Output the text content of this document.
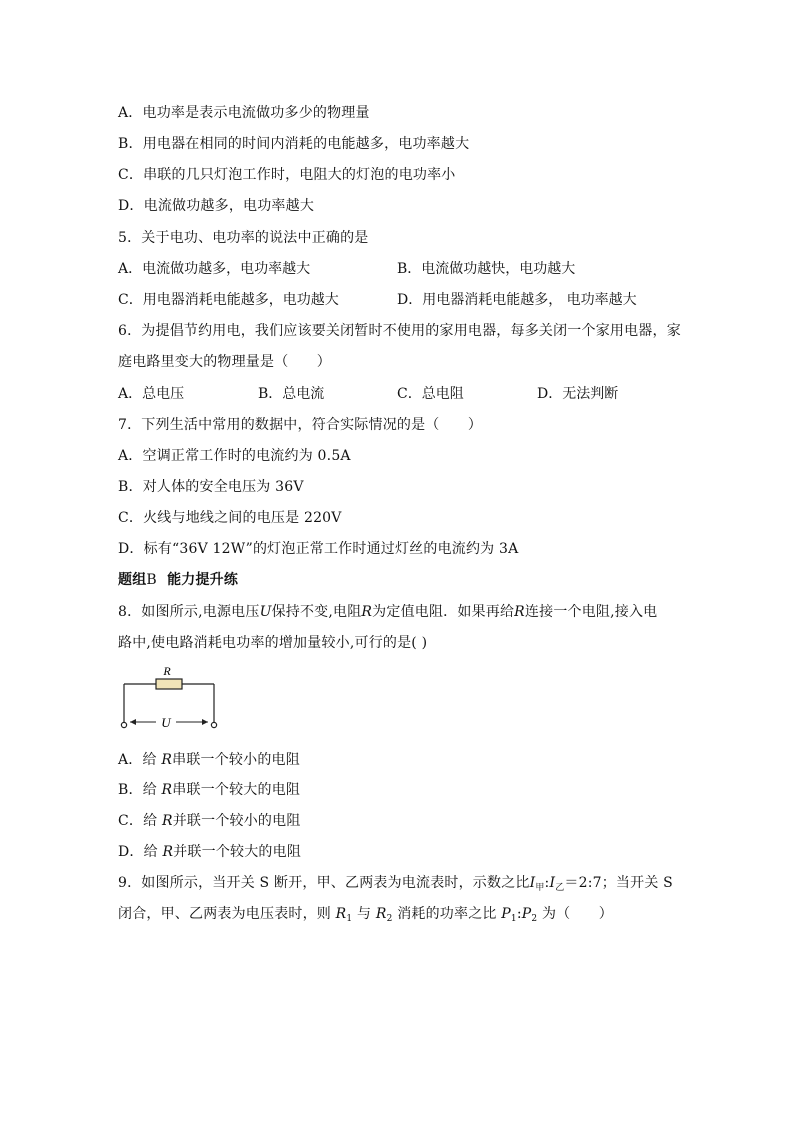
A．电功率是表示电流做功多少的物理量
B．用电器在相同的时间内消耗的电能越多，电功率越大
C．串联的几只灯泡工作时，电阻大的灯泡的电功率小
D．电流做功越多，电功率越大
5．关于电功、电功率的说法中正确的是
A．电流做功越多，电功率越大	B．电流做功越快，电功越大
C．用电器消耗电能越多，电功越大	D．用电器消耗电能越多， 电功率越大
6．为提倡节约用电，我们应该要关闭暂时不使用的家用电器，每多关闭一个家用电器，家
庭电路里变大的物理量是（　　）
A．总电压	B．总电流	C．总电阻	D．无法判断
7．下列生活中常用的数据中，符合实际情况的是（　　）
A．空调正常工作时的电流约为 0.5A
B．对人体的安全电压为 36V
C．火线与地线之间的电压是 220V
D．标有“36V 12W”的灯泡正常工作时通过灯丝的电流约为 3A
题组B 能力提升练
8．如图所示,电源电压U保持不变,电阻R为定值电阻．如果再给R连接一个电阻,接入电
路中,使电路消耗电功率的增加量较小,可行的是( )
R
U
A．给 R串联一个较小的电阻
B．给 R串联一个较大的电阻
C．给 R并联一个较小的电阻
D．给 R并联一个较大的电阻
9．如图所示，当开关 S 断开，甲、乙两表为电流表时，示数之比$I_甲:I_乙=2:7$；当开关 S
闭合，甲、乙两表为电压表时，则 $R_1$ 与 $R_2$ 消耗的功率之比 $P_1:P_2$ 为（　　）
